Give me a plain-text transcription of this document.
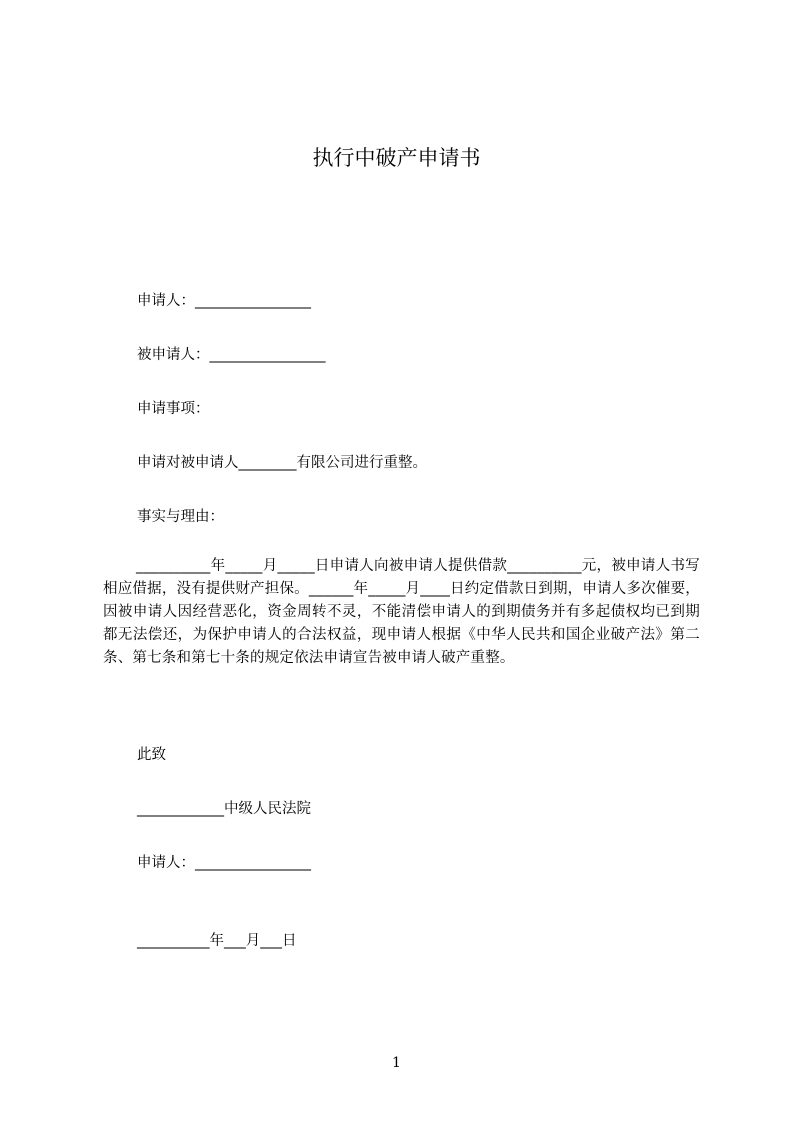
执行中破产申请书
申请人：________________
被申请人：________________
申请事项：
申请对被申请人________有限公司进行重整。
事实与理由：
__________年_____月_____日申请人向被申请人提供借款__________元，被申请人书写相应借据，没有提供财产担保。______年_____月____日约定借款日到期，申请人多次催要，因被申请人因经营恶化，资金周转不灵，不能清偿申请人的到期债务并有多起债权均已到期都无法偿还，为保护申请人的合法权益，现申请人根据《中华人民共和国企业破产法》第二条、第七条和第七十条的规定依法申请宣告被申请人破产重整。
此致
____________中级人民法院
申请人：________________
__________年___月___日
1
